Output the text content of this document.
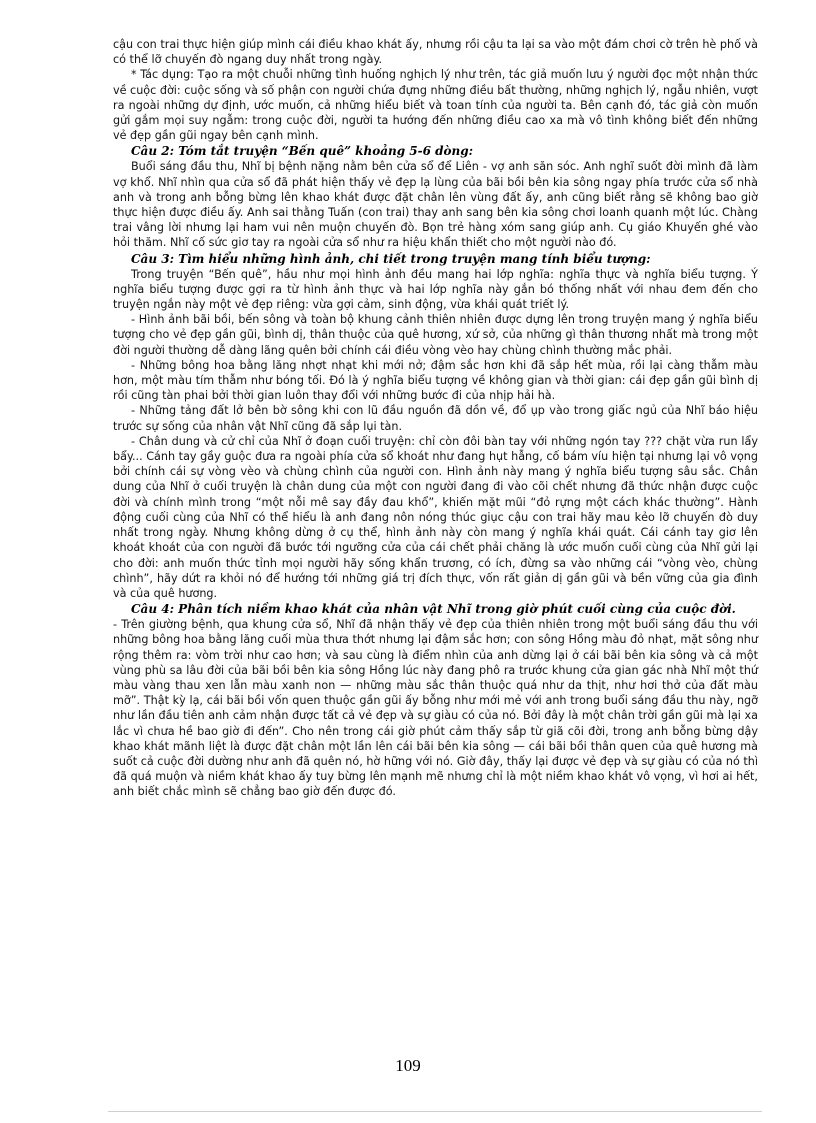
cậu con trai thực hiện giúp mình cái điều khao khát ấy, nhưng rồi cậu ta lại sa vào một đám chơi cờ trên hè phố và có thể lỡ chuyến đò ngang duy nhất trong ngày.

* Tác dụng: Tạo ra một chuỗi những tình huống nghịch lý như trên, tác giả muốn lưu ý người đọc một nhận thức về cuộc đời: cuộc sống và số phận con người chứa đựng những điều bất thường, những nghịch lý, ngẫu nhiên, vượt ra ngoài những dự định, ước muốn, cả những hiểu biết và toan tính của người ta. Bên cạnh đó, tác giả còn muốn gửi gắm mọi suy ngẫm: trong cuộc đời, người ta hướng đến những điều cao xa mà vô tình không biết đến những vẻ đẹp gần gũi ngay bên cạnh mình.

Câu 2: Tóm tắt truyện “Bến quê” khoảng 5-6 dòng:

Buổi sáng đầu thu, Nhĩ bị bệnh nặng nằm bên cửa sổ để Liên - vợ anh săn sóc. Anh nghĩ suốt đời mình đã làm vợ khổ. Nhĩ nhìn qua cửa sổ đã phát hiện thấy vẻ đẹp lạ lùng của bãi bồi bên kia sông ngay phía trước cửa sổ nhà anh và trong anh bỗng bừng lên khao khát được đặt chân lên vùng đất ấy, anh cũng biết rằng sẽ không bao giờ thực hiện được điều ấy. Anh sai thằng Tuấn (con trai) thay anh sang bên kia sông chơi loanh quanh một lúc. Chàng trai vâng lời nhưng lại ham vui nên muộn chuyến đò. Bọn trẻ hàng xóm sang giúp anh. Cụ giáo Khuyến ghé vào hỏi thăm. Nhĩ cố sức giơ tay ra ngoài cửa sổ như ra hiệu khẩn thiết cho một người nào đó.

Câu 3: Tìm hiểu những hình ảnh, chi tiết trong truyện mang tính biểu tượng:

Trong truyện “Bến quê”, hầu như mọi hình ảnh đều mang hai lớp nghĩa: nghĩa thực và nghĩa biểu tượng. Ý nghĩa biểu tượng được gợi ra từ hình ảnh thực và hai lớp nghĩa này gắn bó thống nhất với nhau đem đến cho truyện ngắn này một vẻ đẹp riêng: vừa gợi cảm, sinh động, vừa khái quát triết lý.

- Hình ảnh bãi bồi, bến sông và toàn bộ khung cảnh thiên nhiên được dựng lên trong truyện mang ý nghĩa biểu tượng cho vẻ đẹp gần gũi, bình dị, thân thuộc của quê hương, xứ sở, của những gì thân thương nhất mà trong một đời người thường dễ dàng lãng quên bởi chính cái điều vòng vèo hay chùng chình thường mắc phải.

- Những bông hoa bằng lăng nhợt nhạt khi mới nở; đậm sắc hơn khi đã sắp hết mùa, rồi lại càng thẫm màu hơn, một màu tím thẫm như bóng tối. Đó là ý nghĩa biểu tượng về không gian và thời gian: cái đẹp gần gũi bình dị rồi cũng tàn phai bởi thời gian luôn thay đổi với những bước đi của nhịp hải hà.

- Những tảng đất lở bên bờ sông khi con lũ đầu nguồn đã dồn về, đổ ụp vào trong giấc ngủ của Nhĩ báo hiệu trước sự sống của nhân vật Nhĩ cũng đã sắp lụi tàn.

- Chân dung và cử chỉ của Nhĩ ở đoạn cuối truyện: chỉ còn đôi bàn tay với những ngón tay ??? chặt vừa run lẩy bẩy... Cánh tay gầy guộc đưa ra ngoài phía cửa sổ khoát như đang hụt hẫng, cố bám víu hiện tại nhưng lại vô vọng bởi chính cái sự vòng vèo và chùng chình của người con. Hình ảnh này mang ý nghĩa biểu tượng sâu sắc. Chân dung của Nhĩ ở cuối truyện là chân dung của một con người đang đi vào cõi chết nhưng đã thức nhận được cuộc đời và chính mình trong “một nỗi mê say đầy đau khổ”, khiến mặt mũi “đỏ rựng một cách khác thường”. Hành động cuối cùng của Nhĩ có thể hiểu là anh đang nôn nóng thúc giục cậu con trai hãy mau kẻo lỡ chuyến đò duy nhất trong ngày. Nhưng không dừng ở cụ thể, hình ảnh này còn mang ý nghĩa khái quát. Cái cánh tay giơ lên khoát khoát của con người đã bước tới ngưỡng cửa của cái chết phải chăng là ước muốn cuối cùng của Nhĩ gửi lại cho đời: anh muốn thức tỉnh mọi người hãy sống khẩn trương, có ích, đừng sa vào những cái “vòng vèo, chùng chình”, hãy dứt ra khỏi nó để hướng tới những giá trị đích thực, vốn rất giản dị gần gũi và bền vững của gia đình và của quê hương.

Câu 4: Phân tích niềm khao khát của nhân vật Nhĩ trong giờ phút cuối cùng của cuộc đời.

- Trên giường bệnh, qua khung cửa sổ, Nhĩ đã nhận thấy vẻ đẹp của thiên nhiên trong một buổi sáng đầu thu với những bông hoa bằng lăng cuối mùa thưa thớt nhưng lại đậm sắc hơn; con sông Hồng màu đỏ nhạt, mặt sông như rộng thêm ra: vòm trời như cao hơn; và sau cùng là điểm nhìn của anh dừng lại ở cái bãi bên kia sông và cả một vùng phù sa lâu đời của bãi bồi bên kia sông Hồng lúc này đang phô ra trước khung cửa gian gác nhà Nhĩ một thứ màu vàng thau xen lẫn màu xanh non — những màu sắc thân thuộc quá như da thịt, như hơi thở của đất màu mỡ”. Thật kỳ lạ, cái bãi bồi vốn quen thuộc gần gũi ấy bỗng như mới mẻ với anh trong buổi sáng đầu thu này, ngỡ như lần đầu tiên anh cảm nhận được tất cả vẻ đẹp và sự giàu có của nó. Bởi đây là một chân trời gần gũi mà lại xa lắc vì chưa hề bao giờ đi đến”. Cho nên trong cái giờ phút cảm thấy sắp từ giã cõi đời, trong anh bỗng bừng dậy khao khát mãnh liệt là được đặt chân một lần lên cái bãi bên kia sông — cái bãi bồi thân quen của quê hương mà suốt cả cuộc đời dường như anh đã quên nó, hờ hững với nó. Giờ đây, thấy lại được vẻ đẹp và sự giàu có của nó thì đã quá muộn và niềm khát khao ấy tuy bừng lên mạnh mẽ nhưng chỉ là một niềm khao khát vô vọng, vì hơi ai hết, anh biết chắc mình sẽ chẳng bao giờ đến được đó.

109
